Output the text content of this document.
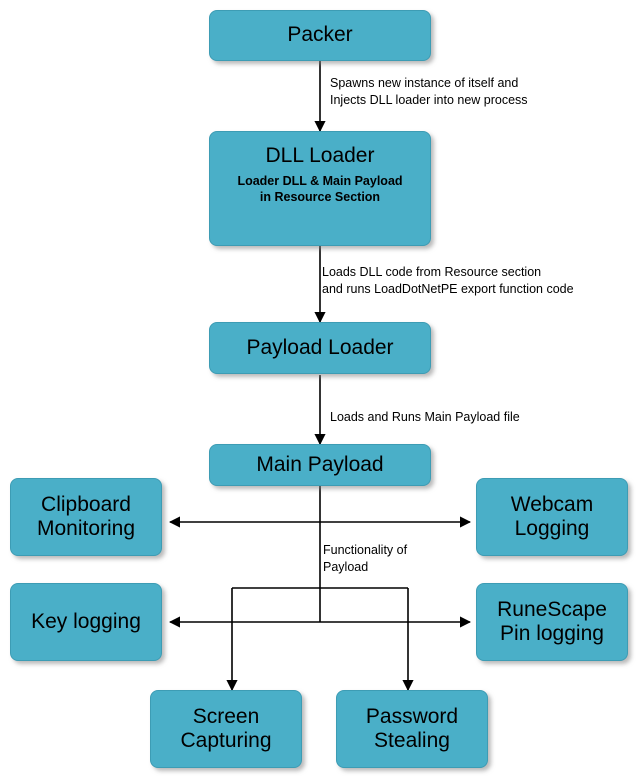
Packer
DLL Loader
Loader DLL & Main Payload
in Resource Section
Payload Loader
Main Payload
Clipboard
Monitoring
Webcam
Logging
Key logging
RuneScape
Pin logging
Screen
Capturing
Password
Stealing
Spawns new instance of itself and
Injects DLL loader into new process
Loads DLL code from Resource section
and runs LoadDotNetPE export function code
Loads and Runs Main Payload file
Functionality of
Payload
